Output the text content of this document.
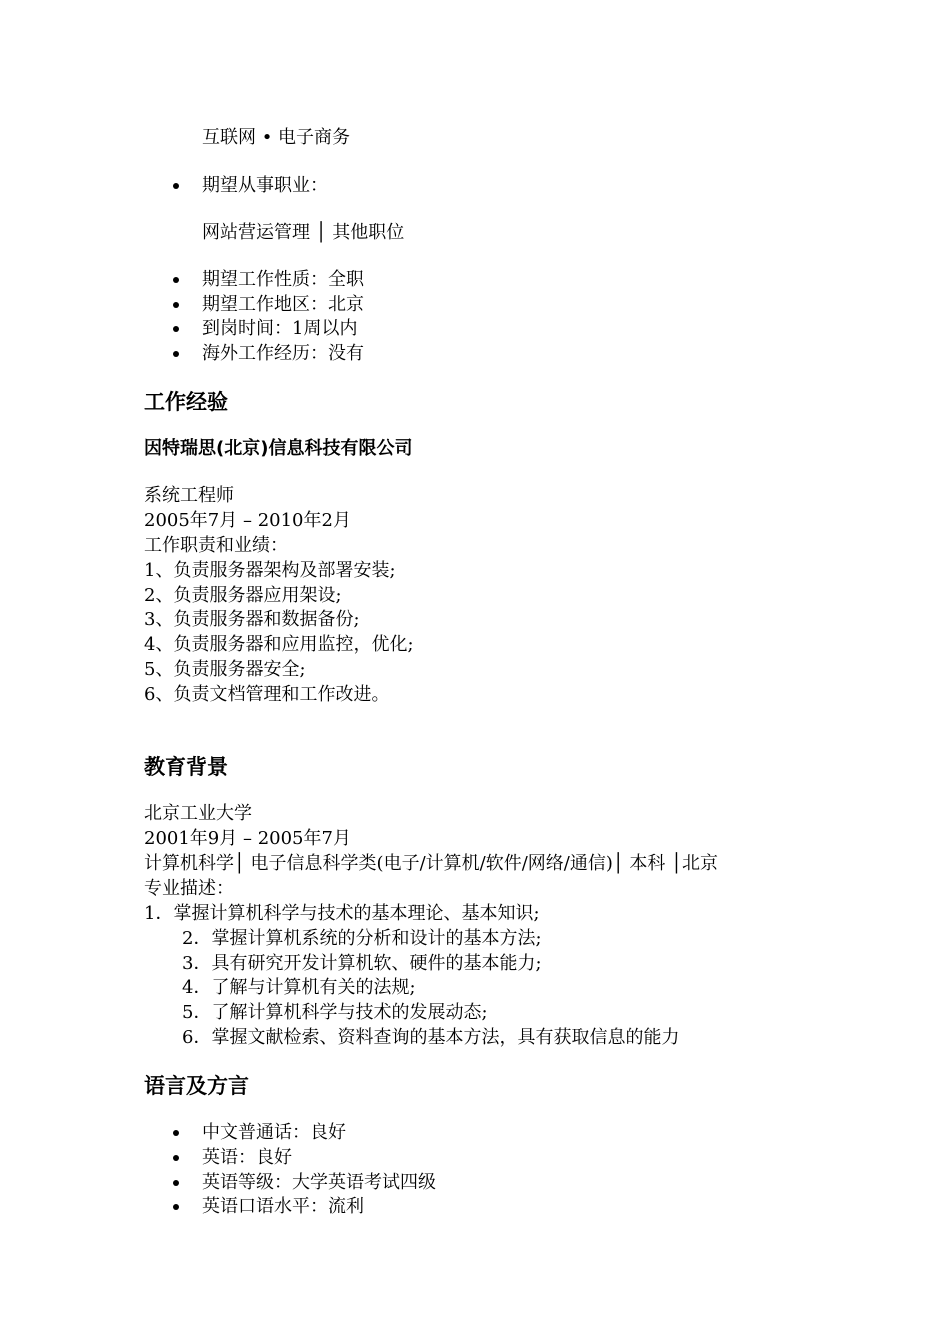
互联网 • 电子商务
期望从事职业：
网站营运管理 │ 其他职位
期望工作性质：全职
期望工作地区：北京
到岗时间：1周以内
海外工作经历：没有
工作经验
因特瑞思(北京)信息科技有限公司
系统工程师
2005年7月 – 2010年2月
工作职责和业绩：
1、负责服务器架构及部署安装;
2、负责服务器应用架设;
3、负责服务器和数据备份;
4、负责服务器和应用监控，优化;
5、负责服务器安全;
6、负责文档管理和工作改进。
教育背景
北京工业大学
2001年9月 – 2005年7月
计算机科学│ 电子信息科学类(电子/计算机/软件/网络/通信)│ 本科 │北京
专业描述：
1．掌握计算机科学与技术的基本理论、基本知识;
2．掌握计算机系统的分析和设计的基本方法;
3．具有研究开发计算机软、硬件的基本能力;
4．了解与计算机有关的法规;
5．了解计算机科学与技术的发展动态;
6．掌握文献检索、资料查询的基本方法，具有获取信息的能力
语言及方言
中文普通话：良好
英语：良好
英语等级：大学英语考试四级
英语口语水平：流利
